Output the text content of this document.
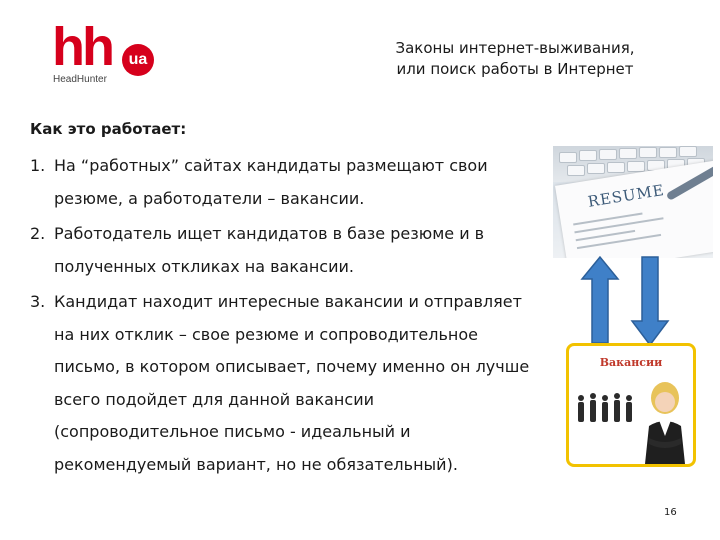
hh	ua
HeadHunter
Законы интернет-выживания,
или поиск работы в Интернет
Как это работает:
1. На “работных” сайтах кандидаты размещают свои резюме, а работодатели – вакансии.
2. Работодатель ищет кандидатов в базе резюме и в полученных откликах на вакансии.
3. Кандидат находит интересные вакансии и отправляет на них отклик – свое резюме и сопроводительное письмо, в котором описывает, почему именно он лучше всего подойдет для данной вакансии (сопроводительное письмо - идеальный и рекомендуемый вариант, но не обязательный).
RESUME
Вакансии
16
